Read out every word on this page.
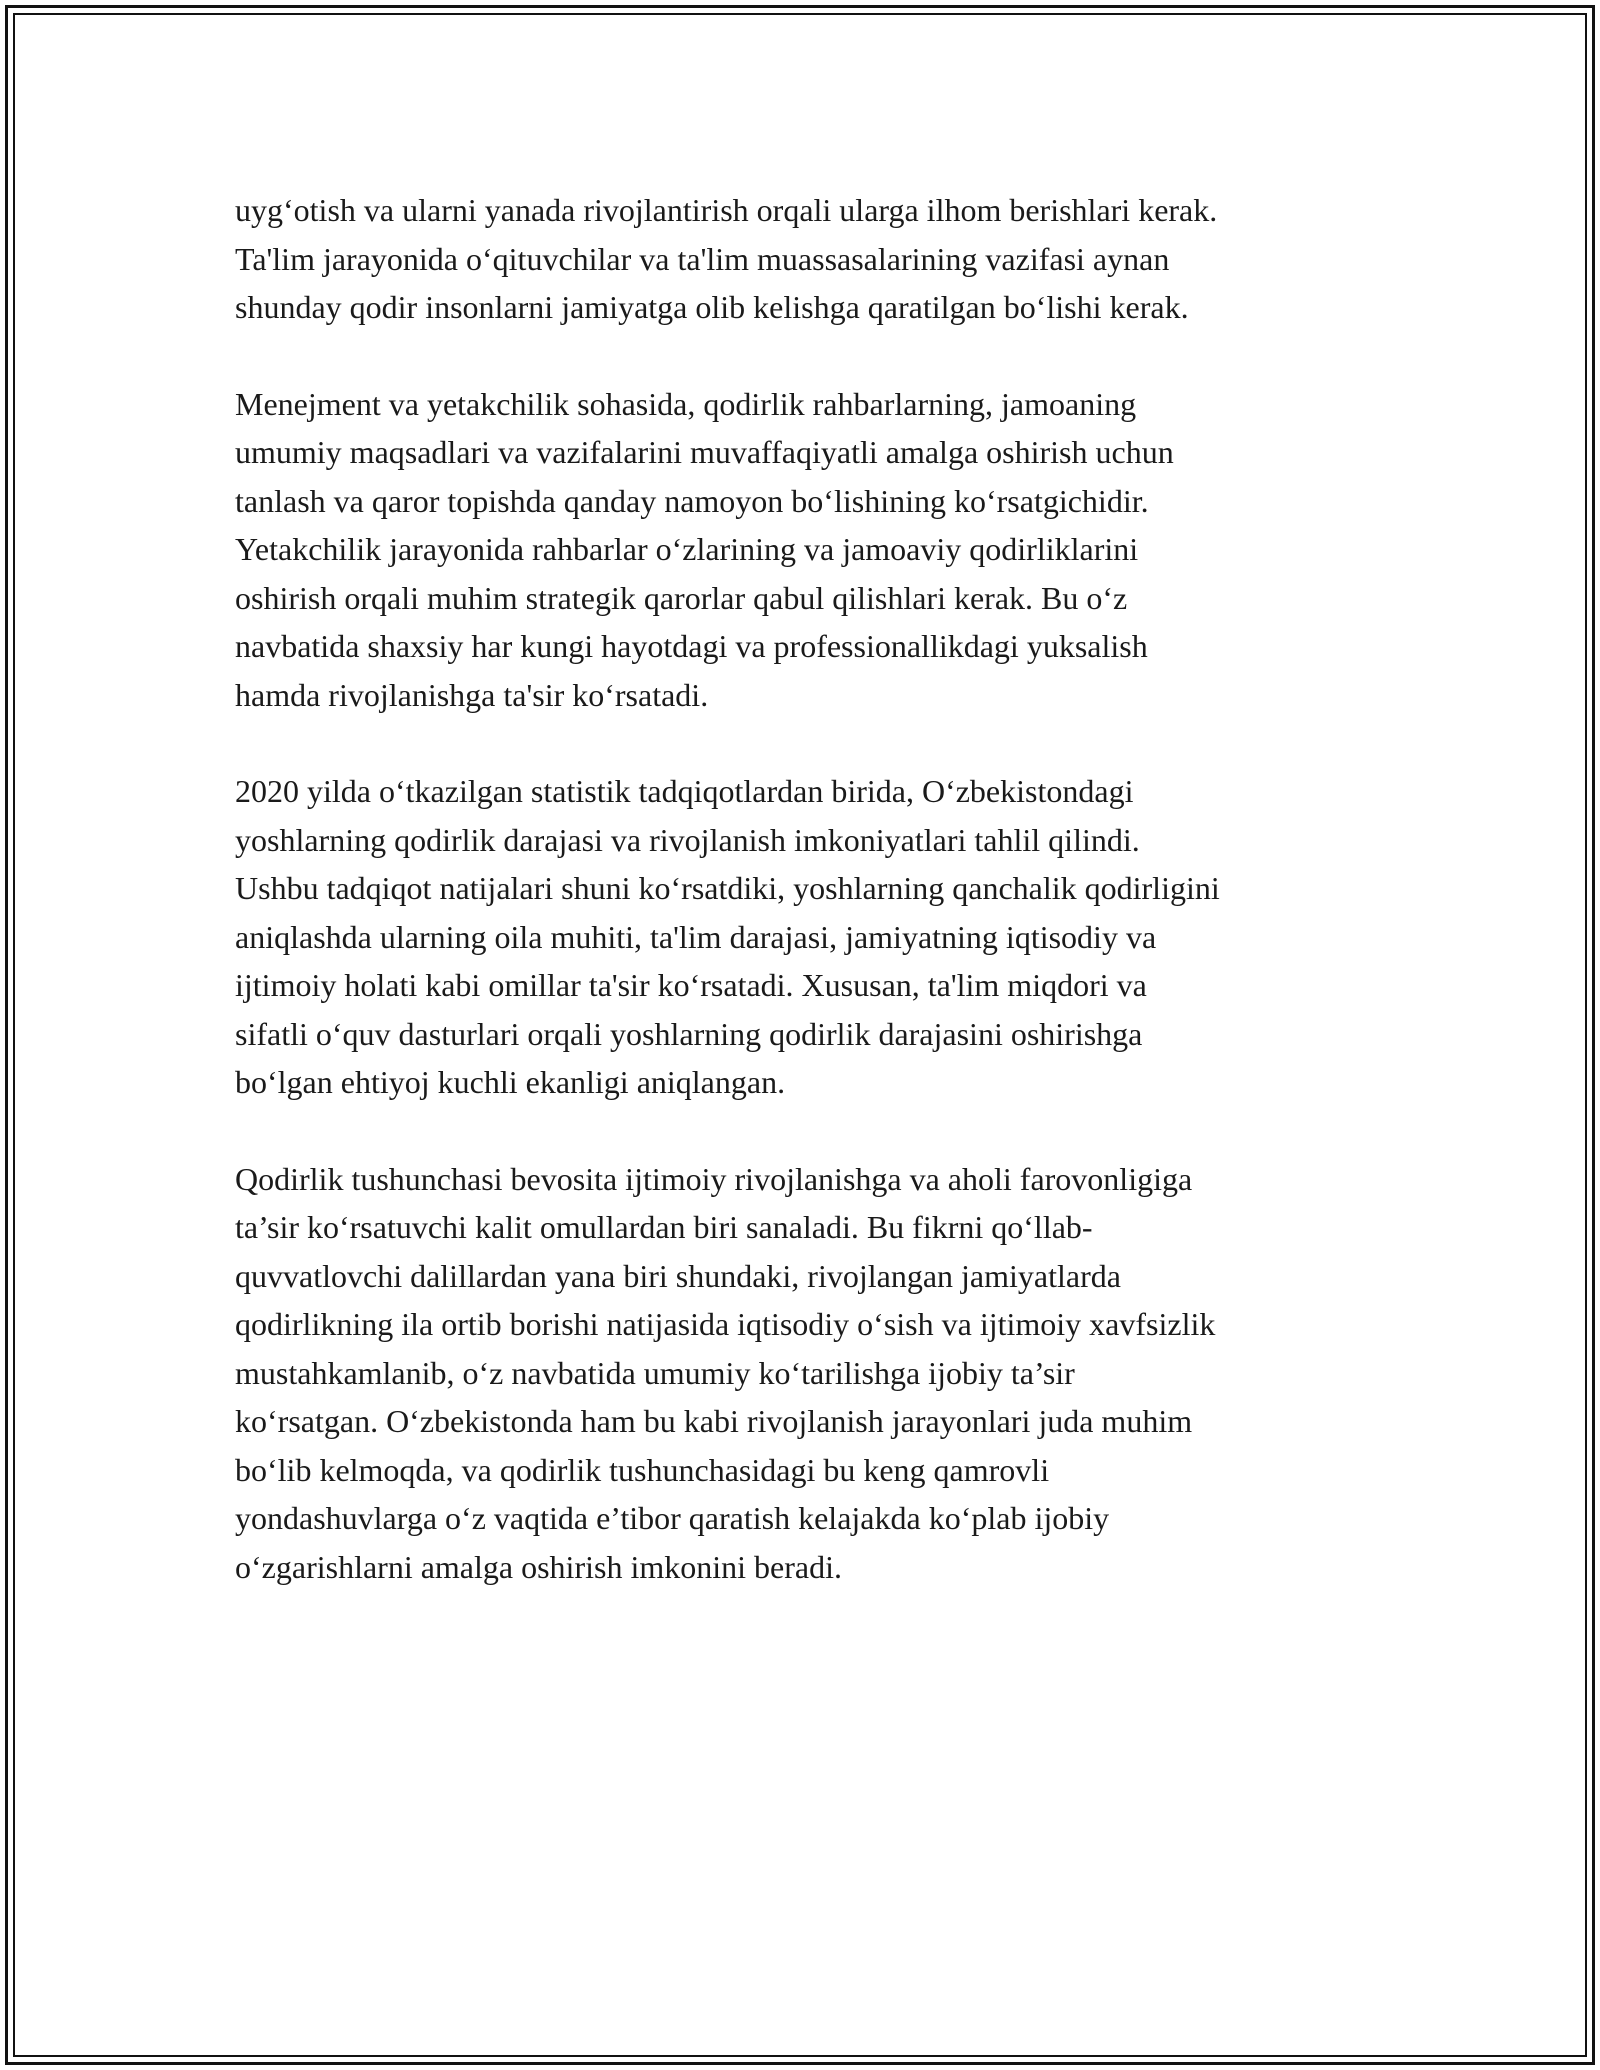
uygʻotish va ularni yanada rivojlantirish orqali ularga ilhom berishlari kerak.
Ta'lim jarayonida oʻqituvchilar va ta'lim muassasalarining vazifasi aynan
shunday qodir insonlarni jamiyatga olib kelishga qaratilgan boʻlishi kerak.

Menejment va yetakchilik sohasida, qodirlik rahbarlarning, jamoaning
umumiy maqsadlari va vazifalarini muvaffaqiyatli amalga oshirish uchun
tanlash va qaror topishda qanday namoyon boʻlishining koʻrsatgichidir.
Yetakchilik jarayonida rahbarlar oʻzlarining va jamoaviy qodirliklarini
oshirish orqali muhim strategik qarorlar qabul qilishlari kerak. Bu oʻz
navbatida shaxsiy har kungi hayotdagi va professionallikdagi yuksalish
hamda rivojlanishga ta'sir koʻrsatadi.

2020 yilda oʻtkazilgan statistik tadqiqotlardan birida, Oʻzbekistondagi
yoshlarning qodirlik darajasi va rivojlanish imkoniyatlari tahlil qilindi.
Ushbu tadqiqot natijalari shuni koʻrsatdiki, yoshlarning qanchalik qodirligini
aniqlashda ularning oila muhiti, ta'lim darajasi, jamiyatning iqtisodiy va
ijtimoiy holati kabi omillar ta'sir koʻrsatadi. Xususan, ta'lim miqdori va
sifatli oʻquv dasturlari orqali yoshlarning qodirlik darajasini oshirishga
boʻlgan ehtiyoj kuchli ekanligi aniqlangan.

Qodirlik tushunchasi bevosita ijtimoiy rivojlanishga va aholi farovonligiga
ta’sir koʻrsatuvchi kalit omullardan biri sanaladi. Bu fikrni qoʻllab-
quvvatlovchi dalillardan yana biri shundaki, rivojlangan jamiyatlarda
qodirlikning ila ortib borishi natijasida iqtisodiy oʻsish va ijtimoiy xavfsizlik
mustahkamlanib, oʻz navbatida umumiy koʻtarilishga ijobiy ta’sir
koʻrsatgan. Oʻzbekistonda ham bu kabi rivojlanish jarayonlari juda muhim
boʻlib kelmoqda, va qodirlik tushunchasidagi bu keng qamrovli
yondashuvlarga oʻz vaqtida e’tibor qaratish kelajakda koʻplab ijobiy
oʻzgarishlarni amalga oshirish imkonini beradi.
